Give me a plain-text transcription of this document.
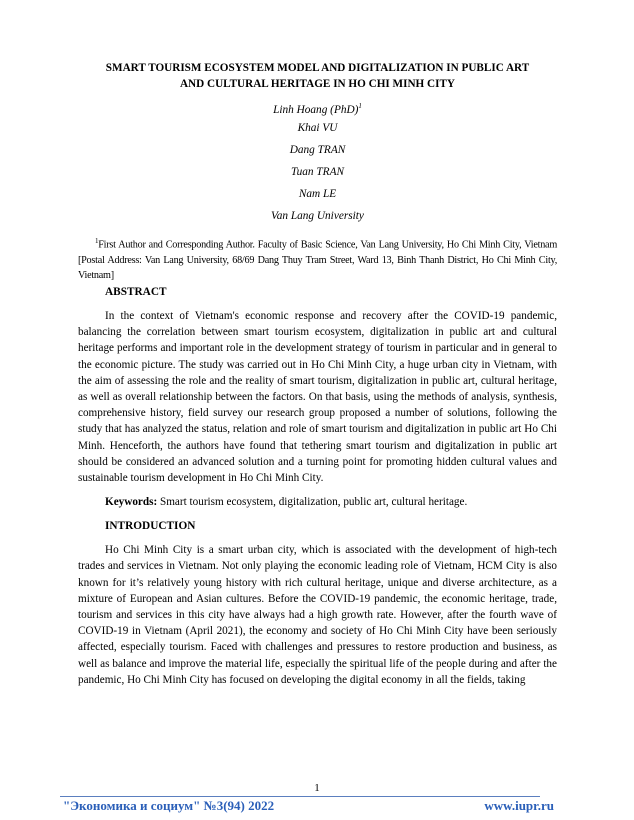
SMART TOURISM ECOSYSTEM MODEL AND DIGITALIZATION IN PUBLIC ART
AND CULTURAL HERITAGE IN HO CHI MINH CITY
Linh Hoang (PhD)$^1$
Khai VU
Dang TRAN
Tuan TRAN
Nam LE
Van Lang University
$^1$First Author and Corresponding Author. Faculty of Basic Science, Van Lang University, Ho Chi Minh City, Vietnam [Postal Address: Van Lang University, 68/69 Dang Thuy Tram Street, Ward 13, Binh Thanh District, Ho Chi Minh City, Vietnam]
ABSTRACT

In the context of Vietnam's economic response and recovery after the COVID-19 pandemic, balancing the correlation between smart tourism ecosystem, digitalization in public art and cultural heritage performs and important role in the development strategy of tourism in particular and in general to the economic picture. The study was carried out in Ho Chi Minh City, a huge urban city in Vietnam, with the aim of assessing the role and the reality of smart tourism, digitalization in public art, cultural heritage, as well as overall relationship between the factors. On that basis, using the methods of analysis, synthesis, comprehensive history, field survey our research group proposed a number of solutions, following the study that has analyzed the status, relation and role of smart tourism and digitalization in public art Ho Chi Minh. Henceforth, the authors have found that tethering smart tourism and digitalization in public art should be considered an advanced solution and a turning point for promoting hidden cultural values and sustainable tourism development in Ho Chi Minh City.

Keywords: Smart tourism ecosystem, digitalization, public art, cultural heritage.
INTRODUCTION

Ho Chi Minh City is a smart urban city, which is associated with the development of high-tech trades and services in Vietnam. Not only playing the economic leading role of Vietnam, HCM City is also known for it’s relatively young history with rich cultural heritage, unique and diverse architecture, as a mixture of European and Asian cultures. Before the COVID-19 pandemic, the economic heritage, trade, tourism and services in this city have always had a high growth rate. However, after the fourth wave of COVID-19 in Vietnam (April 2021), the economy and society of Ho Chi Minh City have been seriously affected, especially tourism. Faced with challenges and pressures to restore production and business, as well as balance and improve the material life, especially the spiritual life of the people during and after the pandemic, Ho Chi Minh City has focused on developing the digital economy in all the fields, taking

1
"Экономика и социум" №3(94) 2022	www.iupr.ru
